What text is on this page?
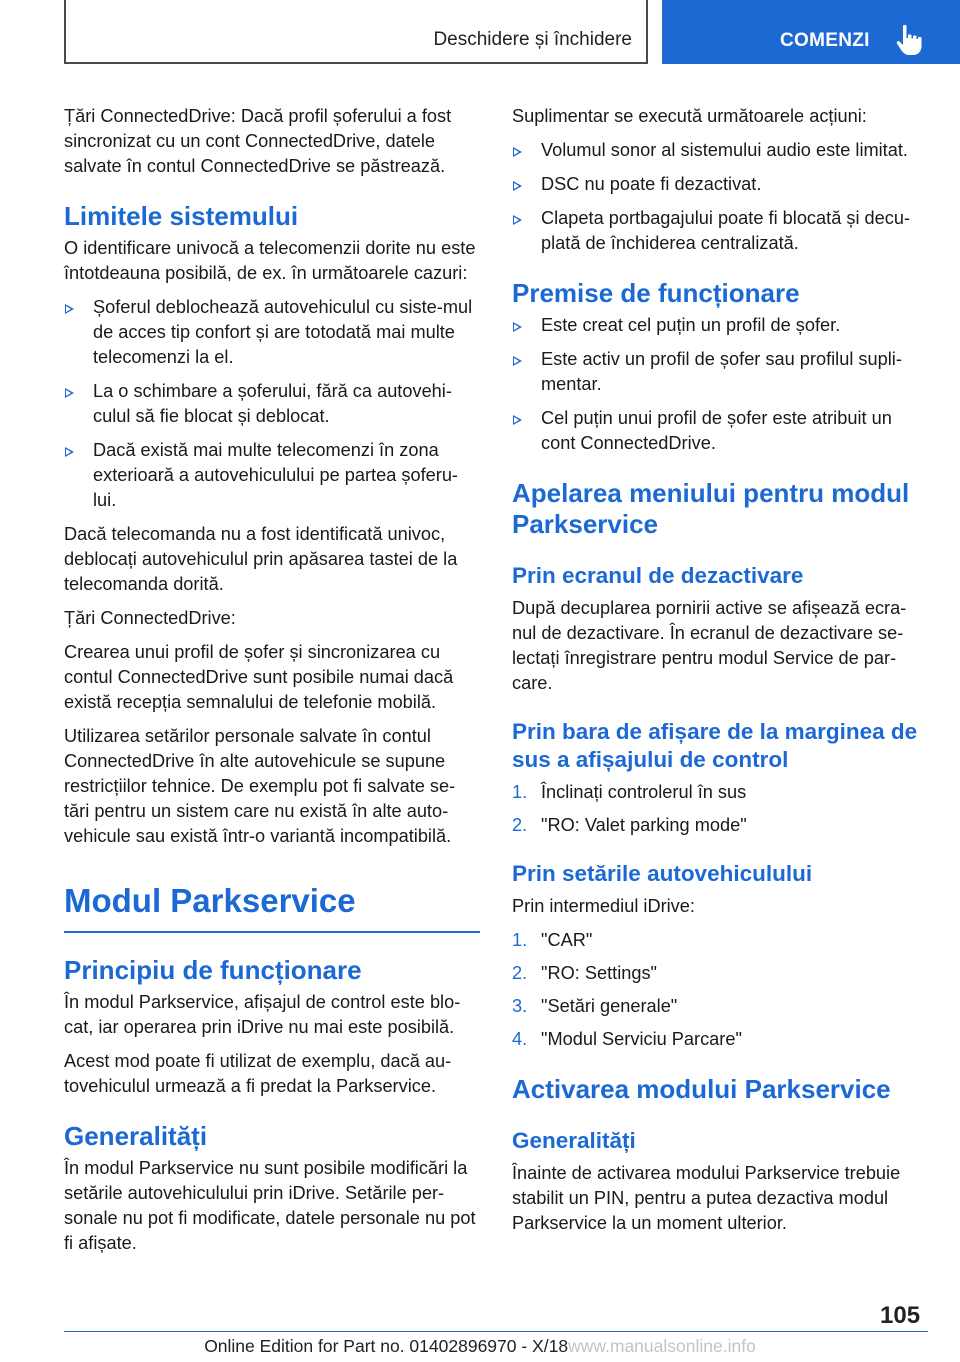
Deschidere și închidere	COMENZI

Țări ConnectedDrive: Dacă profil șoferului a fost sincronizat cu un cont ConnectedDrive, datele salvate în contul ConnectedDrive se păstrează.

Limitele sistemului

O identificare univocă a telecomenzii dorite nu este întotdeauna posibilă, de ex. în următoarele cazuri:

Șoferul deblochează autovehiculul cu siste-mul de acces tip confort și are totodată mai multe telecomenzi la el.
La o schimbare a șoferului, fără ca autovehi-culul să fie blocat și deblocat.
Dacă există mai multe telecomenzi în zona exterioară a autovehiculului pe partea șoferu-lui.

Dacă telecomanda nu a fost identificată univoc, deblocați autovehiculul prin apăsarea tastei de la telecomanda dorită.

Țări ConnectedDrive:

Crearea unui profil de șofer și sincronizarea cu contul ConnectedDrive sunt posibile numai dacă există recepția semnalului de telefonie mobilă.

Utilizarea setărilor personale salvate în contul ConnectedDrive în alte autovehicule se supune restricțiilor tehnice. De exemplu pot fi salvate se-tări pentru un sistem care nu există în alte auto-vehicule sau există într-o variantă incompatibilă.

Modul Parkservice
Principiu de funcționare

În modul Parkservice, afișajul de control este blo-cat, iar operarea prin iDrive nu mai este posibilă.

Acest mod poate fi utilizat de exemplu, dacă au-tovehiculul urmează a fi predat la Parkservice.

Generalități

În modul Parkservice nu sunt posibile modificări la setările autovehiculului prin iDrive. Setările per-sonale nu pot fi modificate, datele personale nu pot fi afișate.

Suplimentar se execută următoarele acțiuni:

Volumul sonor al sistemului audio este limitat.
DSC nu poate fi dezactivat.
Clapeta portbagajului poate fi blocată și decu-plată de închiderea centralizată.
Premise de funcționare
Este creat cel puțin un profil de șofer.
Este activ un profil de șofer sau profilul supli-mentar.
Cel puțin unui profil de șofer este atribuit un cont ConnectedDrive.
Apelarea meniului pentru modul Parkservice
Prin ecranul de dezactivare

După decuplarea pornirii active se afișează ecra-nul de dezactivare. În ecranul de dezactivare se-lectați înregistrare pentru modul Service de par-care.

Prin bara de afișare de la marginea de sus a afișajului de control
1. Înclinați controlerul în sus
2. "RO: Valet parking mode"
Prin setările autovehiculului

Prin intermediul iDrive:

1. "CAR"
2. "RO: Settings"
3. "Setări generale"
4. "Modul Serviciu Parcare"
Activarea modului Parkservice
Generalități

Înainte de activarea modului Parkservice trebuie stabilit un PIN, pentru a putea dezactiva modul Parkservice la un moment ulterior.

105
Online Edition for Part no. 01402896970 - X/18www.manualsonline.info
